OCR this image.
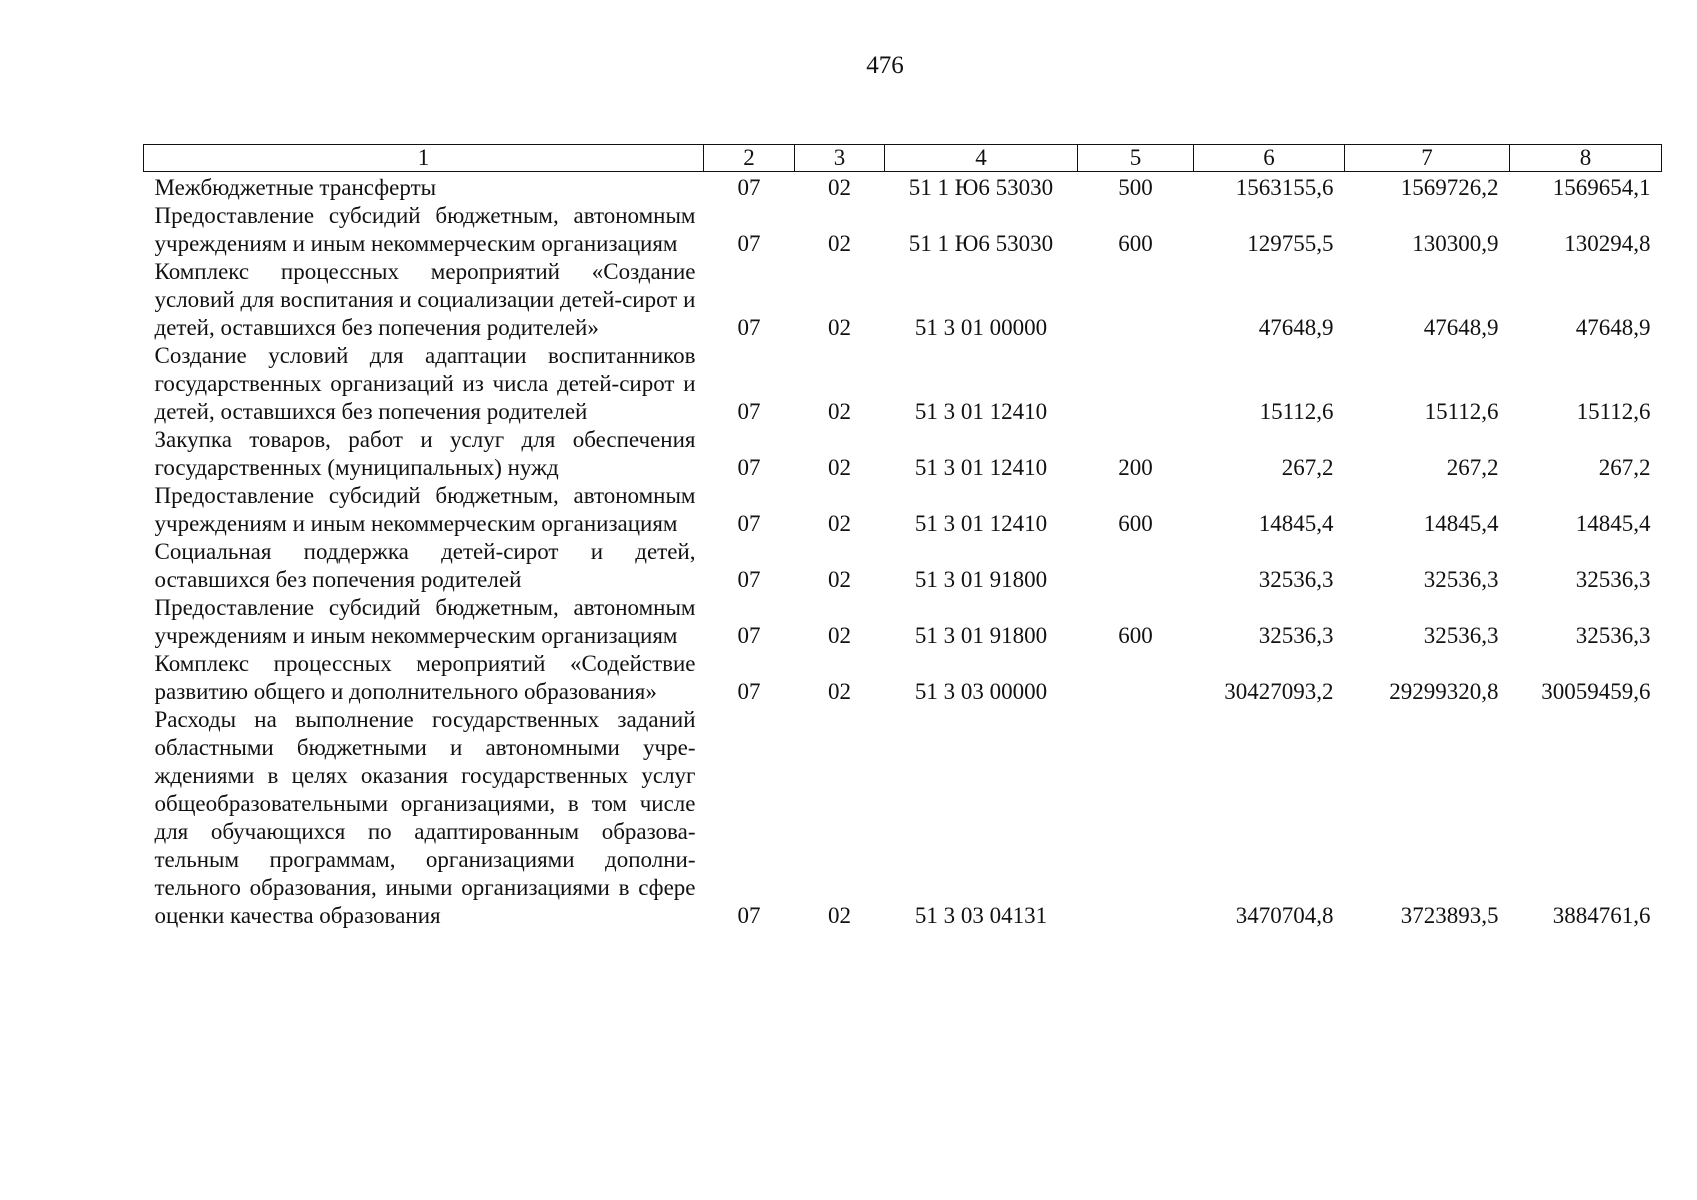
476
1	2	3	4	5	6	7	8
Межбюджетные трансферты	07	02	51 1 Ю6 53030	500	1563155,6	1569726,2	1569654,1
Предоставление субсидий бюджетным, автономным учреждениям и иным некоммерческим организациям	07	02	51 1 Ю6 53030	600	129755,5	130300,9	130294,8
Комплекс процессных мероприятий «Создание условий для воспитания и социализации детей-сирот и детей, оставшихся без попечения родителей»	07	02	51 3 01 00000		47648,9	47648,9	47648,9
Создание условий для адаптации воспитанников государственных организаций из числа детей-сирот и детей, оставшихся без попечения родителей	07	02	51 3 01 12410		15112,6	15112,6	15112,6
Закупка товаров, работ и услуг для обеспечения государственных (муниципальных) нужд	07	02	51 3 01 12410	200	267,2	267,2	267,2
Предоставление субсидий бюджетным, автономным учреждениям и иным некоммерческим организациям	07	02	51 3 01 12410	600	14845,4	14845,4	14845,4
Социальная поддержка детей-сирот и детей, оставшихся без попечения родителей	07	02	51 3 01 91800		32536,3	32536,3	32536,3
Предоставление субсидий бюджетным, автономным учреждениям и иным некоммерческим организациям	07	02	51 3 01 91800	600	32536,3	32536,3	32536,3
Комплекс процессных мероприятий «Содействие развитию общего и дополнительного образования»	07	02	51 3 03 00000		30427093,2	29299320,8	30059459,6
Расходы на выполнение государственных заданий областными бюджетными и автономными учреждениями в целях оказания государственных услуг общеобразовательными организациями, в том числе для обучающихся по адаптированным образовательным программам, организациями дополнительного образования, иными организациями в сфере оценки качества образования	07	02	51 3 03 04131		3470704,8	3723893,5	3884761,6
